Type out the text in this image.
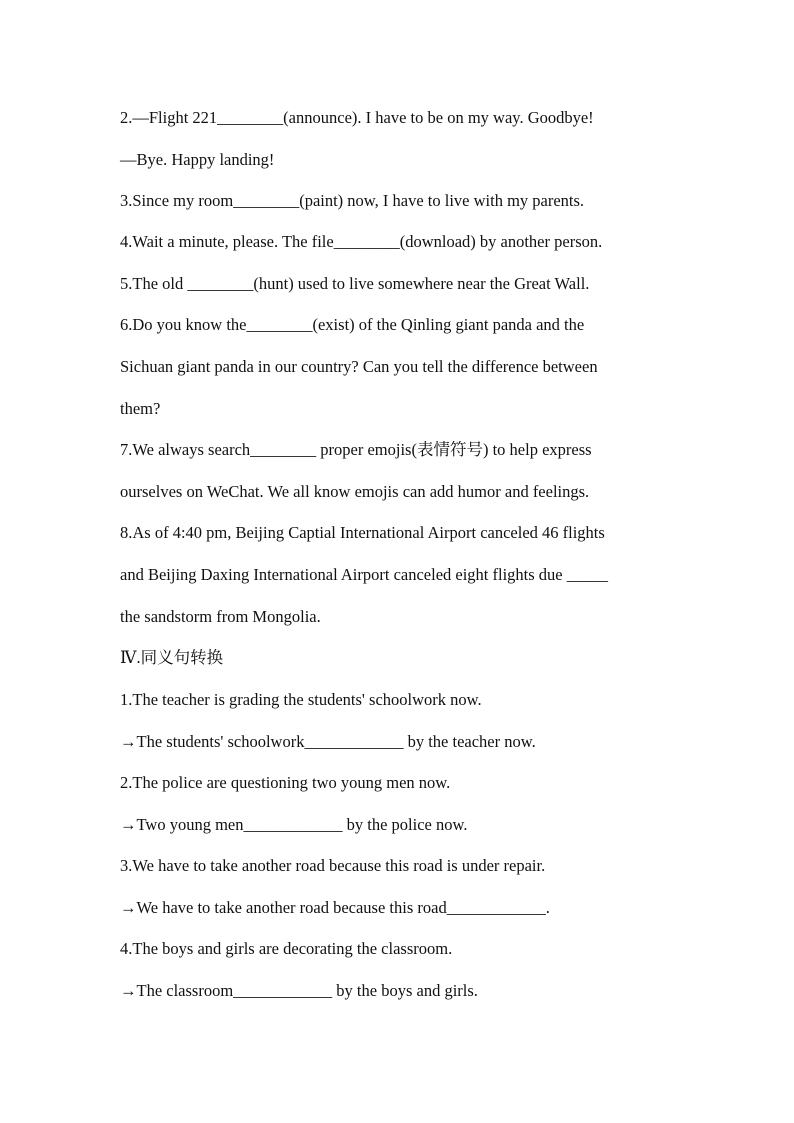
2.—Flight 221________(announce). I have to be on my way. Goodbye!
—Bye. Happy landing!
3.Since my room________(paint) now, I have to live with my parents.
4.Wait a minute, please. The file________(download) by another person.
5.The old ________(hunt) used to live somewhere near the Great Wall.
6.Do you know the________(exist) of the Qinling giant panda and the
Sichuan giant panda in our country? Can you tell the difference between
them?
7.We always search________ proper emojis(表情符号) to help express
ourselves on WeChat. We all know emojis can add humor and feelings.
8.As of 4:40 pm, Beijing Captial International Airport canceled 46 flights
and Beijing Daxing International Airport canceled eight flights due _____
the sandstorm from Mongolia.
Ⅳ.同义句转换
1.The teacher is grading the students' schoolwork now.
→The students' schoolwork____________ by the teacher now.
2.The police are questioning two young men now.
→Two young men____________ by the police now.
3.We have to take another road because this road is under repair.
→We have to take another road because this road____________.
4.The boys and girls are decorating the classroom.
→The classroom____________ by the boys and girls.
